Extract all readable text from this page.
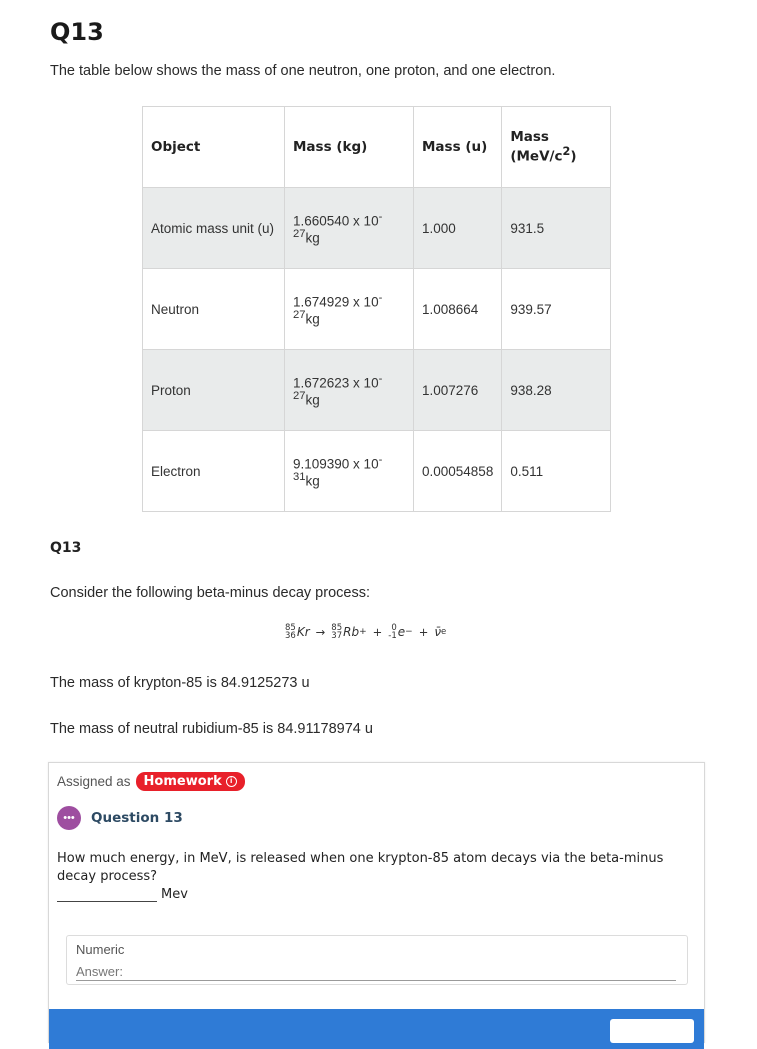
Q13
The table below shows the mass of one neutron, one proton, and one electron.
Object	Mass (kg)	Mass (u)	Mass $(MeV/c^2)$
Atomic mass unit (u)	1.660540 x $10^{-27}kg$	1.000	931.5
Neutron	1.674929 x $10^{-27}kg$	1.008664	939.57
Proton	1.672623 x $10^{-27}kg$	1.007276	938.28
Electron	9.109390 x $10^{-31}kg$	0.00054858	0.511
Q13
Consider the following beta-minus decay process:
85
36 Kr → 85
37 Rb + +	0
-1 e − + ν̄ e
The mass of krypton-85 is 84.9125273 u
The mass of neutral rubidium-85 is 84.91178974 u
Assigned as Homework	i
•••	Question 13
How much energy, in MeV, is released when one krypton-85 atom decays via the beta-minus decay process?
Mev
Numeric
Answer:
